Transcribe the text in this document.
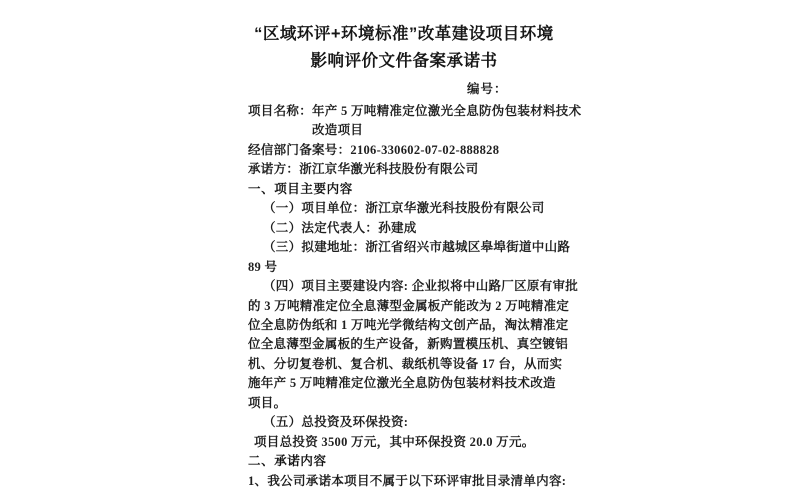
“区域环评+环境标准”改革建设项目环境
影响评价文件备案承诺书
编号：
项目名称：年产 5 万吨精准定位激光全息防伪包装材料技术
改造项目
经信部门备案号：2106-330602-07-02-888828
承诺方：浙江京华激光科技股份有限公司
一、项目主要内容
（一）项目单位：浙江京华激光科技股份有限公司
（二）法定代表人：孙建成
（三）拟建地址：浙江省绍兴市越城区皋埠街道中山路
89 号
（四）项目主要建设内容: 企业拟将中山路厂区原有审批
的 3 万吨精准定位全息薄型金属板产能改为 2 万吨精准定
位全息防伪纸和 1 万吨光学微结构文创产品，淘汰精准定
位全息薄型金属板的生产设备，新购置模压机、真空镀铝
机、分切复卷机、复合机、裁纸机等设备 17 台，从而实
施年产 5 万吨精准定位激光全息防伪包装材料技术改造
项目。
（五）总投资及环保投资:
项目总投资 3500 万元，其中环保投资 20.0 万元。
二、承诺内容
1、我公司承诺本项目不属于以下环评审批目录清单内容:
